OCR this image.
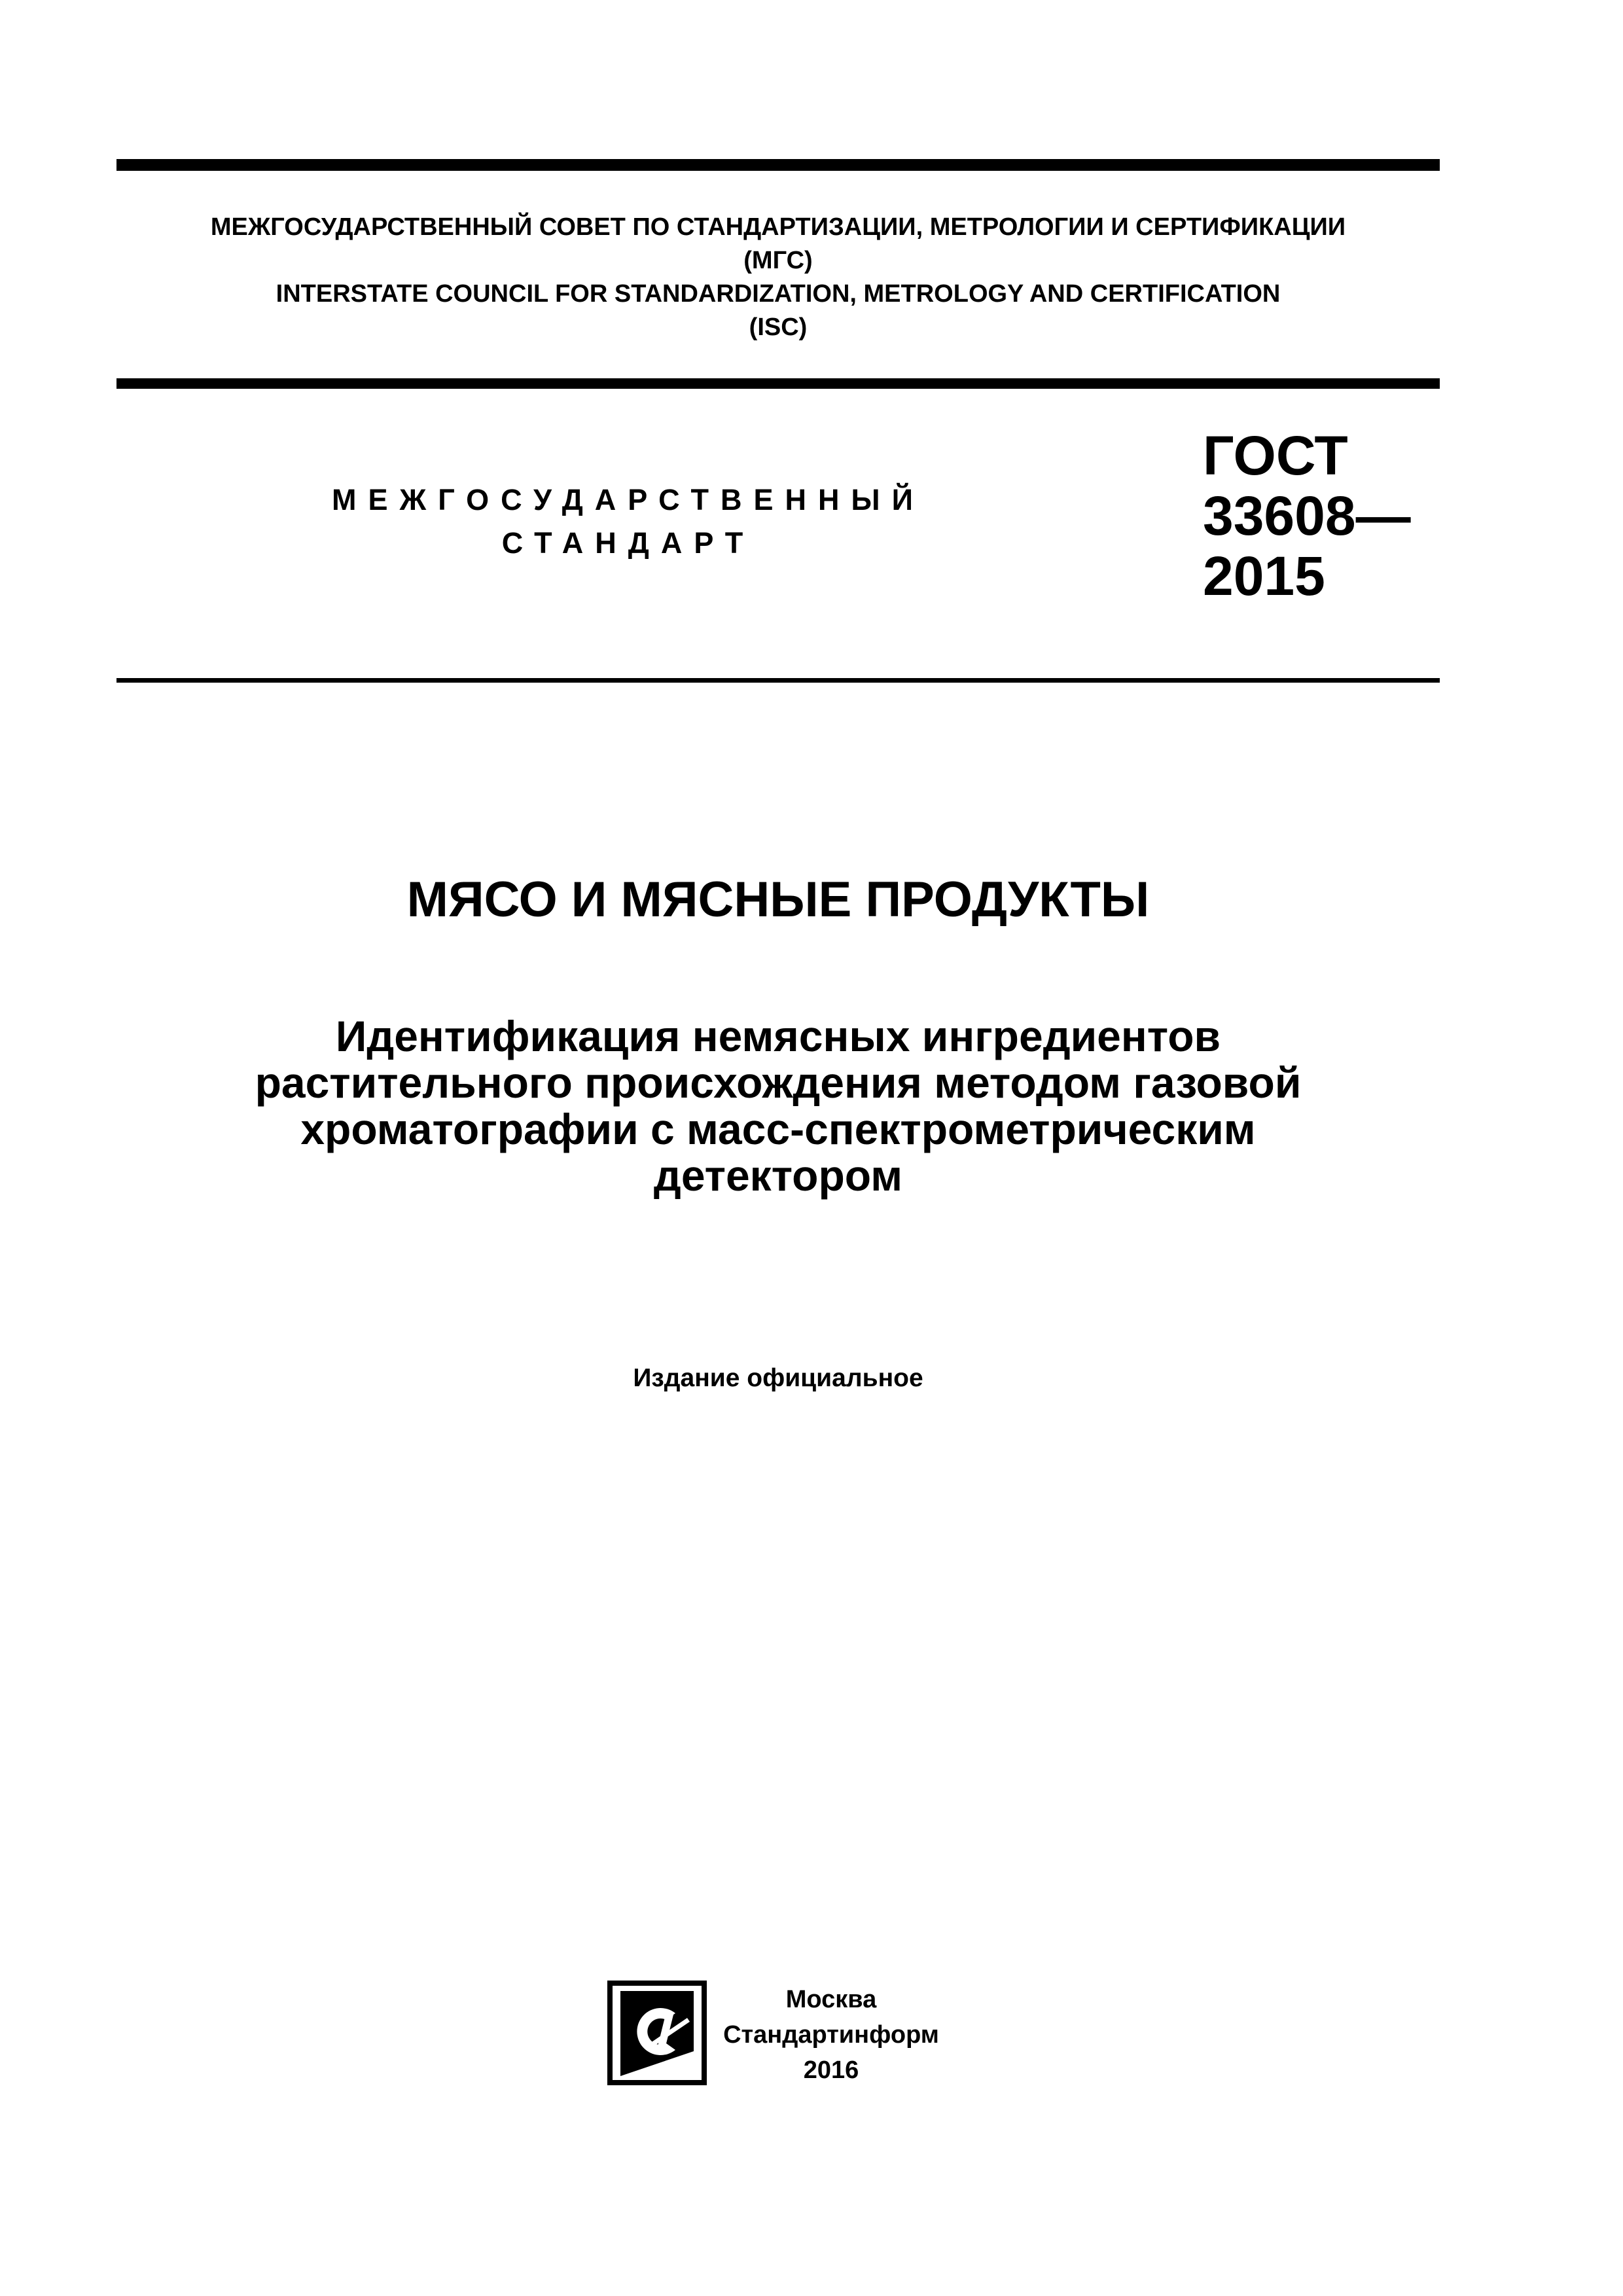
МЕЖГОСУДАРСТВЕННЫЙ СОВЕТ ПО СТАНДАРТИЗАЦИИ, МЕТРОЛОГИИ И СЕРТИФИКАЦИИ
(МГС)
INTERSTATE COUNCIL FOR STANDARDIZATION, METROLOGY AND CERTIFICATION
(ISC)
МЕЖГОСУДАРСТВЕННЫЙ
СТАНДАРТ
ГОСТ
33608—
2015
МЯСО И МЯСНЫЕ ПРОДУКТЫ
Идентификация немясных ингредиентов
растительного происхождения методом газовой
хроматографии с масс-спектрометрическим
детектором
Издание официальное
Москва
Стандартинформ
2016
